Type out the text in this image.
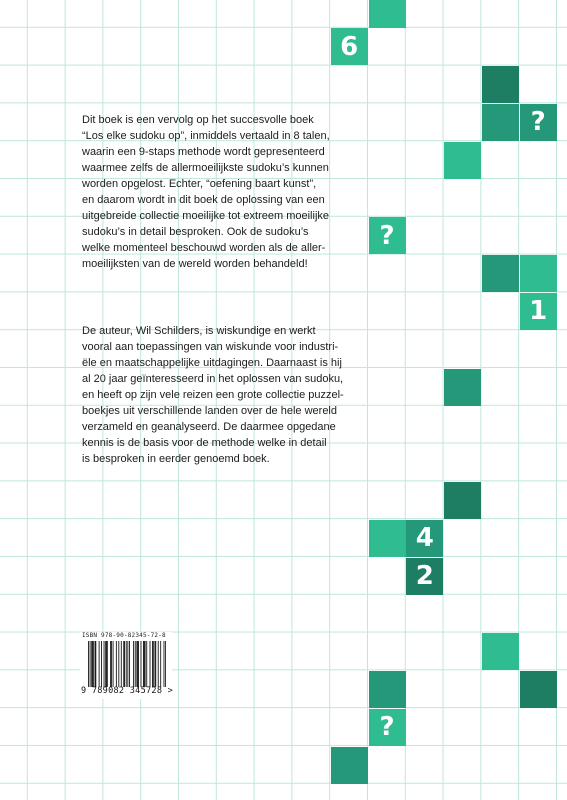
6
?
?
1
4
2
?
Dit boek is een vervolg op het succesvolle boek
“Los elke sudoku op”, inmiddels vertaald in 8 talen,
waarin een 9-staps methode wordt gepresenteerd
waarmee zelfs de allermoeilijkste sudoku’s kunnen
worden opgelost. Echter, “oefening baart kunst”,
en daarom wordt in dit boek de oplossing van een
uitgebreide collectie moeilijke tot extreem moeilijke
sudoku’s in detail besproken. Ook de sudoku’s
welke momenteel beschouwd worden als de aller-
moeilijksten van de wereld worden behandeld!
De auteur, Wil Schilders, is wiskundige en werkt
vooral aan toepassingen van wiskunde voor industri-
ële en maatschappelijke uitdagingen. Daarnaast is hij
al 20 jaar geïnteresseerd in het oplossen van sudoku,
en heeft op zijn vele reizen een grote collectie puzzel-
boekjes uit verschillende landen over de hele wereld
verzameld en geanalyseerd. De daarmee opgedane
kennis is de basis voor de methode welke in detail
is besproken in eerder genoemd boek.
ISBN 978-90-82345-72-8
9 789082 345728 >
